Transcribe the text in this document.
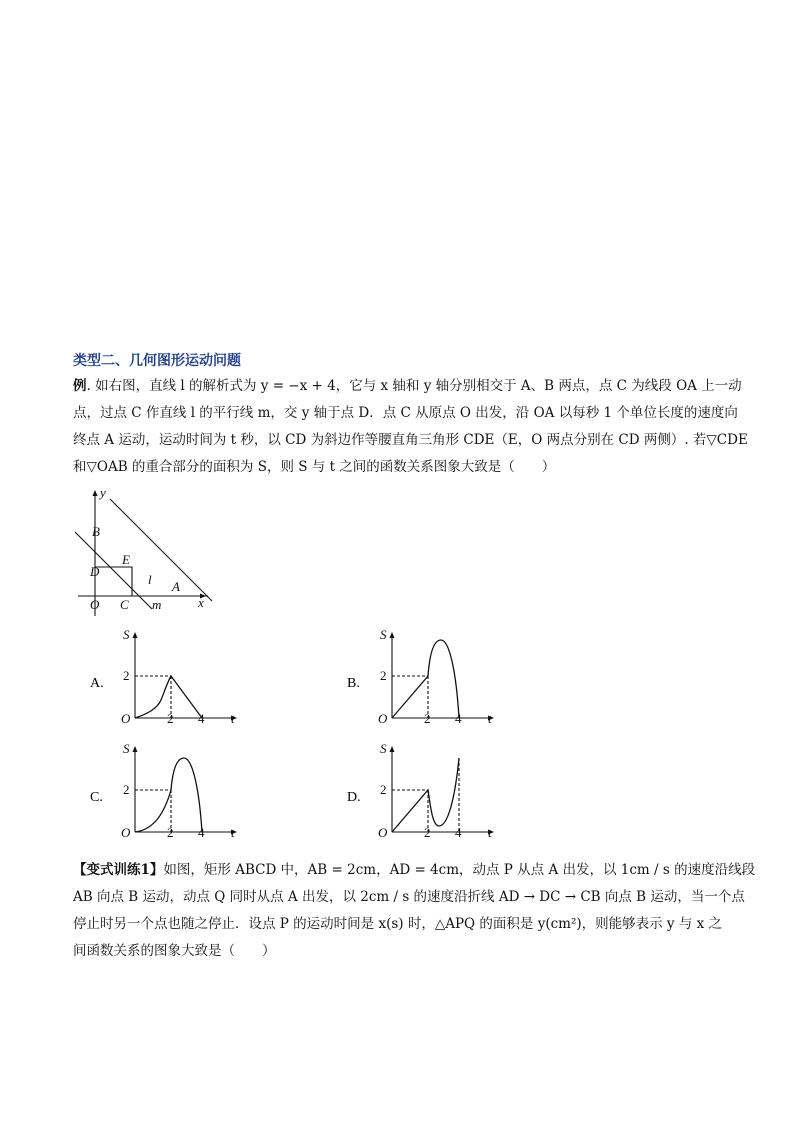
类型二、几何图形运动问题
例. 如右图，直线 l 的解析式为 y = −x + 4，它与 x 轴和 y 轴分别相交于 A、B 两点，点 C 为线段 OA 上一动
点，过点 C 作直线 l 的平行线 m，交 y 轴于点 D．点 C 从原点 O 出发，沿 OA 以每秒 1 个单位长度的速度向
终点 A 运动，运动时间为 t 秒，以 CD 为斜边作等腰直角三角形 CDE（E，O 两点分别在 CD 两侧）. 若▽CDE
和▽OAB 的重合部分的面积为 S，则 S 与 t 之间的函数关系图象大致是（　　）
y
B
E
D
l A
O C m	x
A.
S
2
O	2 4 t
B.
S
2
O	2 4 t
C.
S
2
O	2 4 t
D.
S
2
O	2 4 t
【变式训练1】如图，矩形 ABCD 中，AB = 2cm，AD = 4cm，动点 P 从点 A 出发，以 1cm / s 的速度沿线段
AB 向点 B 运动，动点 Q 同时从点 A 出发，以 2cm / s 的速度沿折线 AD → DC → CB 向点 B 运动，当一个点
停止时另一个点也随之停止．设点 P 的运动时间是 x(s) 时，△APQ 的面积是 y(cm²)，则能够表示 y 与 x 之
间函数关系的图象大致是（　　）
